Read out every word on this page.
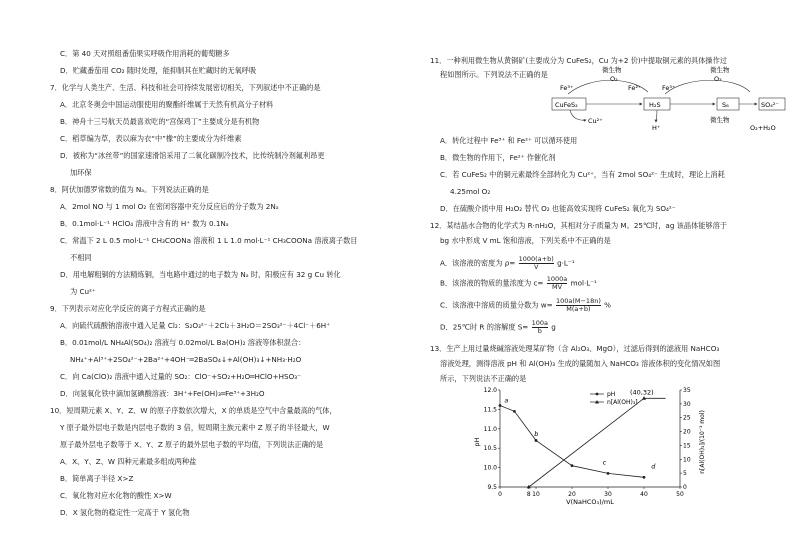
C．第 40 天对照组番茄果实呼吸作用消耗的葡萄糖多
D．贮藏番茄用 CO₂ 随时处理，能抑制其在贮藏时的无氧呼吸
7．化学与人类生产、生活、科技和社会可持续发展密切相关，下列叙述中不正确的是
A．北京冬奥会中国运动服使用的聚酯纤维属于天然有机高分子材料
B．神舟十三号航天员最喜欢吃的“宫保鸡丁”主要成分是有机物
C．稻草编为草，表以麻为衣“中”橡“的主要成分为纤维素
D．被称为“冰丝带”的国家速滑馆采用了二氧化碳制冷技术，比传统制冷剂氟利昂更
加环保
8．阿伏加德罗常数的值为 Nₐ。下列说法正确的是
A．2mol NO 与 1 mol O₂ 在密闭容器中充分反应后的分子数为 2Nₐ
B．0.1mol·L⁻¹ HClO₄ 溶液中含有的 H⁺ 数为 0.1Nₐ
C．常温下 2 L 0.5 mol·L⁻¹ CH₃COONa 溶液和 1 L 1.0 mol·L⁻¹ CH₃COONa 溶液离子数目
不相同
D．用电解粗铜的方法精炼铜，当电路中通过的电子数为 Nₐ 时，阳极应有 32 g Cu 转化
为 Cu²⁺
9．下列表示对应化学反应的离子方程式正确的是
A．向硫代硫酸钠溶液中通入足量 Cl₂：S₂O₃²⁻＋2Cl₂＋3H₂O＝2SO₃²⁻＋4Cl⁻＋6H⁺
B．0.01mol/L NH₄Al(SO₄)₂ 溶液与 0.02mol/L Ba(OH)₂ 溶液等体积混合：
NH₄⁺+Al³⁺+2SO₄²⁻+2Ba²⁺+4OH⁻═2BaSO₄↓+Al(OH)₃↓+NH₃·H₂O
C．向 Ca(ClO)₂ 溶液中通入过量的 SO₂：ClO⁻+SO₂+H₂O═HClO+HSO₃⁻
D．向氢氧化铁中滴加氢碘酸溶液：3H⁺+Fe(OH)₃═Fe³⁺+3H₂O
10．短周期元素 X、Y、Z、W 的原子序数依次增大，X 的单质是空气中含量最高的气体，
Y 原子最外层电子数是内层电子数的 3 倍，短周期主族元素中 Z 原子的半径最大，W
原子最外层电子数等于 X、Y、Z 原子的最外层电子数的平均值，下列说法正确的是
A．X、Y、Z、W 四种元素最多组成两种盐
B．简单离子半径 X>Z
C．氧化物对应水化物的酸性 X>W
D．X 氢化物的稳定性一定高于 Y 氢化物
11．一种利用微生物从黄铜矿(主要成分为 CuFeS₂，Cu 为+2 价)中提取铜元素的具体操作过
程如图所示。下列说法不正确的是	微生物	微生物
O₂	O₂
Fe³⁺	Fe²⁺	Fe³⁺
CuFeS₂	H₂S	S₈	SO₄²⁻
Cu²⁺
H⁺
微生物
O₂+H₂O
A．转化过程中 Fe³⁺ 和 Fe²⁺ 可以循环使用
B．微生物的作用下，Fe²⁺ 作催化剂
C．若 CuFeS₂ 中的铜元素最终全部转化为 Cu²⁺，当有 2mol SO₄²⁻ 生成时，理论上消耗
4.25mol O₂
D．在硫酸介质中用 H₂O₂ 替代 O₂ 也能高效实现将 CuFeS₂ 氧化为 SO₄²⁻
12．某结晶水合物的化学式为 R·nH₂O，其相对分子质量为 M。25℃时，ag 该晶体能够溶于
bg 水中形成 V mL 饱和溶液，下列关系中不正确的是
A．该溶液的密度为 $\rho= \frac{1000(a+b)}{V} g\cdot L^{-1}$
B．该溶液的物质的量浓度为 $c= \frac{1000a}{MV} mol\cdot L^{-1}$
C．该溶液中溶质的质量分数为 $w= \frac{100a(M-18n)}{M(a+b)}$ %
D．25℃时 R 的溶解度 $S= \frac{100a}{b}$ g
13．生产上用过量烧碱溶液处理某矿物（含 Al₂O₃、MgO），过滤后得到的滤液用 NaHCO₃
溶液处理，测得溶液 pH 和 Al(OH)₃ 生成的量随加入 NaHCO₃ 溶液体积的变化情况如图
所示，下列说法不正确的是
0	8 10	20	30	40	50
9.5
10.0
10.5
11.0
11.5
12.0
0
5
10
15
20
25
30
35
a
b
c	d
V(NaHCO₃)/mL
pH	n[Al(OH)₃]/(10⁻³ mol)
pH
n[Al(OH)₃]
(40,32)
